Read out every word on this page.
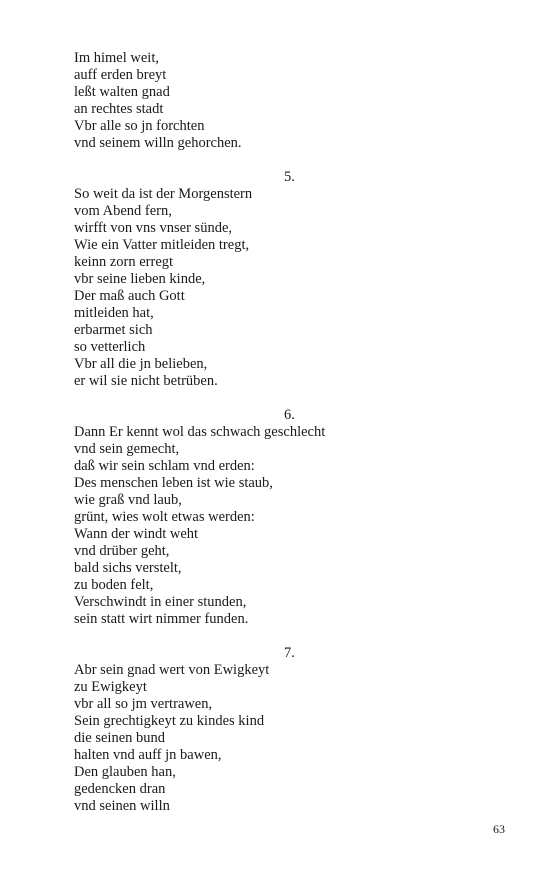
Im himel weit,
auff erden breyt
leßt walten gnad
an rechtes stadt
Vbr alle so jn forchten
vnd seinem willn gehorchen.
5.
So weit da ist der Morgenstern
vom Abend fern,
wirfft von vns vnser sünde,
Wie ein Vatter mitleiden tregt,
keinn zorn erregt
vbr seine lieben kinde,
Der maß auch Gott
mitleiden hat,
erbarmet sich
so vetterlich
Vbr all die jn belieben,
er wil sie nicht betrüben.
6.
Dann Er kennt wol das schwach geschlecht
vnd sein gemecht,
daß wir sein schlam vnd erden:
Des menschen leben ist wie staub,
wie graß vnd laub,
grünt, wies wolt etwas werden:
Wann der windt weht
vnd drüber geht,
bald sichs verstelt,
zu boden felt,
Verschwindt in einer stunden,
sein statt wirt nimmer funden.
7.
Abr sein gnad wert von Ewigkeyt
zu Ewigkeyt
vbr all so jm vertrawen,
Sein grechtigkeyt zu kindes kind
die seinen bund
halten vnd auff jn bawen,
Den glauben han,
gedencken dran
vnd seinen willn
63
